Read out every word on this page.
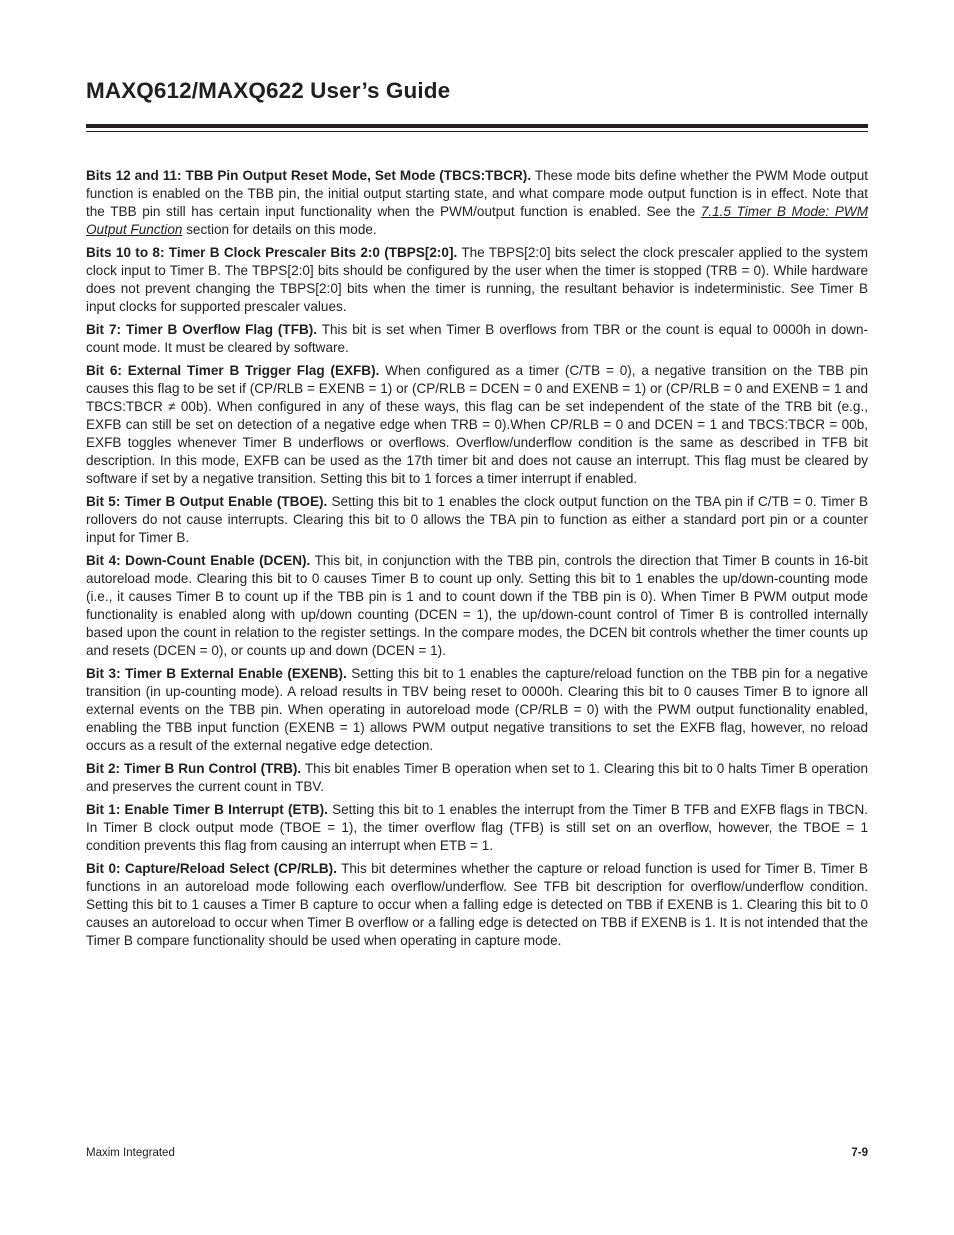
MAXQ612/MAXQ622 User’s Guide

Bits 12 and 11: TBB Pin Output Reset Mode, Set Mode (TBCS:TBCR). These mode bits define whether the PWM Mode output function is enabled on the TBB pin, the initial output starting state, and what compare mode output function is in effect. Note that the TBB pin still has certain input functionality when the PWM/output function is enabled. See the 7.1.5 Timer B Mode: PWM Output Function section for details on this mode.

Bits 10 to 8: Timer B Clock Prescaler Bits 2:0 (TBPS[2:0]. The TBPS[2:0] bits select the clock prescaler applied to the system clock input to Timer B. The TBPS[2:0] bits should be configured by the user when the timer is stopped (TRB = 0). While hardware does not prevent changing the TBPS[2:0] bits when the timer is running, the resultant behavior is indeterministic. See Timer B input clocks for supported prescaler values.

Bit 7: Timer B Overflow Flag (TFB). This bit is set when Timer B overflows from TBR or the count is equal to 0000h in down-count mode. It must be cleared by software.

Bit 6: External Timer B Trigger Flag (EXFB). When configured as a timer (C/TB = 0), a negative transition on the TBB pin causes this flag to be set if (CP/RLB = EXENB = 1) or (CP/RLB = DCEN = 0 and EXENB = 1) or (CP/RLB = 0 and EXENB = 1 and TBCS:TBCR ≠ 00b). When configured in any of these ways, this flag can be set independent of the state of the TRB bit (e.g., EXFB can still be set on detection of a negative edge when TRB = 0).When CP/RLB = 0 and DCEN = 1 and TBCS:TBCR = 00b, EXFB toggles whenever Timer B underflows or overflows. Overflow/underflow condition is the same as described in TFB bit description. In this mode, EXFB can be used as the 17th timer bit and does not cause an interrupt. This flag must be cleared by software if set by a negative transition. Setting this bit to 1 forces a timer interrupt if enabled.

Bit 5: Timer B Output Enable (TBOE). Setting this bit to 1 enables the clock output function on the TBA pin if C/TB = 0. Timer B rollovers do not cause interrupts. Clearing this bit to 0 allows the TBA pin to function as either a standard port pin or a counter input for Timer B.

Bit 4: Down-Count Enable (DCEN). This bit, in conjunction with the TBB pin, controls the direction that Timer B counts in 16-bit autoreload mode. Clearing this bit to 0 causes Timer B to count up only. Setting this bit to 1 enables the up/down-counting mode (i.e., it causes Timer B to count up if the TBB pin is 1 and to count down if the TBB pin is 0). When Timer B PWM output mode functionality is enabled along with up/down counting (DCEN = 1), the up/down-count control of Timer B is controlled internally based upon the count in relation to the register settings. In the compare modes, the DCEN bit controls whether the timer counts up and resets (DCEN = 0), or counts up and down (DCEN = 1).

Bit 3: Timer B External Enable (EXENB). Setting this bit to 1 enables the capture/reload function on the TBB pin for a negative transition (in up-counting mode). A reload results in TBV being reset to 0000h. Clearing this bit to 0 causes Timer B to ignore all external events on the TBB pin. When operating in autoreload mode (CP/RLB = 0) with the PWM output functionality enabled, enabling the TBB input function (EXENB = 1) allows PWM output negative transitions to set the EXFB flag, however, no reload occurs as a result of the external negative edge detection.

Bit 2: Timer B Run Control (TRB). This bit enables Timer B operation when set to 1. Clearing this bit to 0 halts Timer B operation and preserves the current count in TBV.

Bit 1: Enable Timer B Interrupt (ETB). Setting this bit to 1 enables the interrupt from the Timer B TFB and EXFB flags in TBCN. In Timer B clock output mode (TBOE = 1), the timer overflow flag (TFB) is still set on an overflow, however, the TBOE = 1 condition prevents this flag from causing an interrupt when ETB = 1.

Bit 0: Capture/Reload Select (CP/RLB). This bit determines whether the capture or reload function is used for Timer B. Timer B functions in an autoreload mode following each overflow/underflow. See TFB bit description for overflow/underflow condition. Setting this bit to 1 causes a Timer B capture to occur when a falling edge is detected on TBB if EXENB is 1. Clearing this bit to 0 causes an autoreload to occur when Timer B overflow or a falling edge is detected on TBB if EXENB is 1. It is not intended that the Timer B compare functionality should be used when operating in capture mode.

Maxim Integrated	7-9
